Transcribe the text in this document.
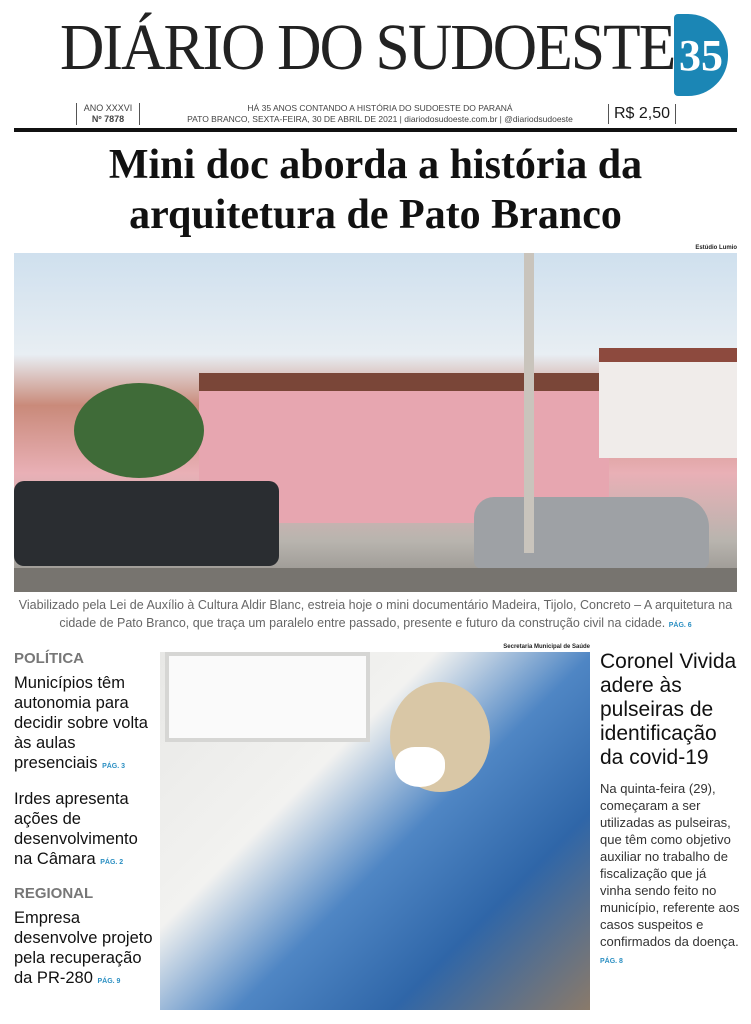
DIÁRIO DO SUDOESTE 35
ANO XXXVI
Nº 7878
HÁ 35 ANOS CONTANDO A HISTÓRIA DO SUDOESTE DO PARANÁ
PATO BRANCO, SEXTA-FEIRA, 30 DE ABRIL DE 2021 | diariodosudoeste.com.br | @diariodsudoeste	R$ 2,50
Mini doc aborda a história da arquitetura de Pato Branco
Estúdio Lumio
Viabilizado pela Lei de Auxílio à Cultura Aldir Blanc, estreia hoje o mini documentário Madeira, Tijolo, Concreto – A arquitetura na cidade de Pato Branco, que traça um paralelo entre passado, presente e futuro da construção civil na cidade. PÁG. 6
POLÍTICA
Municípios têm autonomia para decidir sobre volta às aulas presenciais PÁG. 3
Irdes apresenta ações de desenvolvimento na Câmara PÁG. 2
REGIONAL
Empresa desenvolve projeto pela recuperação da PR-280 PÁG. 9
Secretaria Municipal de Saúde
Coronel Vivida adere às pulseiras de identificação da covid-19
Na quinta-feira (29), começaram a ser utilizadas as pulseiras, que têm como objetivo auxiliar no trabalho de fiscalização que já vinha sendo feito no município, referente aos casos suspeitos e confirmados da doença. PÁG. 8
